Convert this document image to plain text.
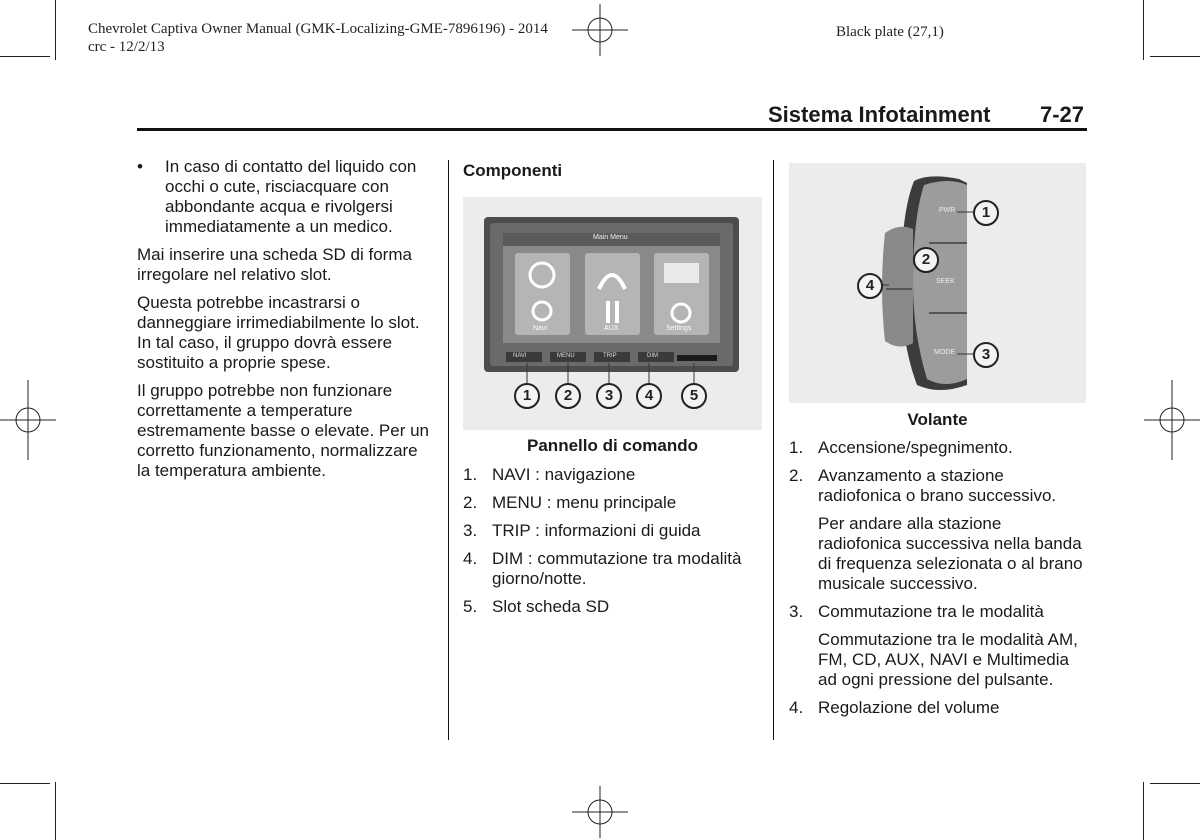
Chevrolet Captiva Owner Manual (GMK-Localizing-GME-7896196) - 2014
crc - 12/2/13
Black plate (27,1)
Sistema Infotainment 7-27
• In caso di contatto del liquido con occhi o cute, risciacquare con abbondante acqua e rivolgersi immediatamente a un medico.

Mai inserire una scheda SD di forma irregolare nel relativo slot.

Questa potrebbe incastrarsi o danneggiare irrimediabilmente lo slot. In tal caso, il gruppo dovrà essere sostituito a proprie spese.

Il gruppo potrebbe non funzionare correttamente a temperature estremamente basse o elevate. Per un corretto funzionamento, normalizzare la temperatura ambiente.

Componenti
Main Menu
Navi	AUX	Settings
NAVI	MENU	TRIP	DIM
1	2	3	4	5
Pannello di comando
1. NAVI : navigazione
2. MENU : menu principale
3. TRIP : informazioni di guida
4. DIM : commutazione tra modalità giorno/notte.
5. Slot scheda SD
PWR
SEEK
MODE
1
2
3
4
Volante
1. Accensione/spegnimento.
2. Avanzamento a stazione radiofonica o brano successivo.
Per andare alla stazione radiofonica successiva nella banda di frequenza selezionata o al brano musicale successivo.
3. Commutazione tra le modalità
Commutazione tra le modalità AM, FM, CD, AUX, NAVI e Multimedia ad ogni pressione del pulsante.
4. Regolazione del volume
